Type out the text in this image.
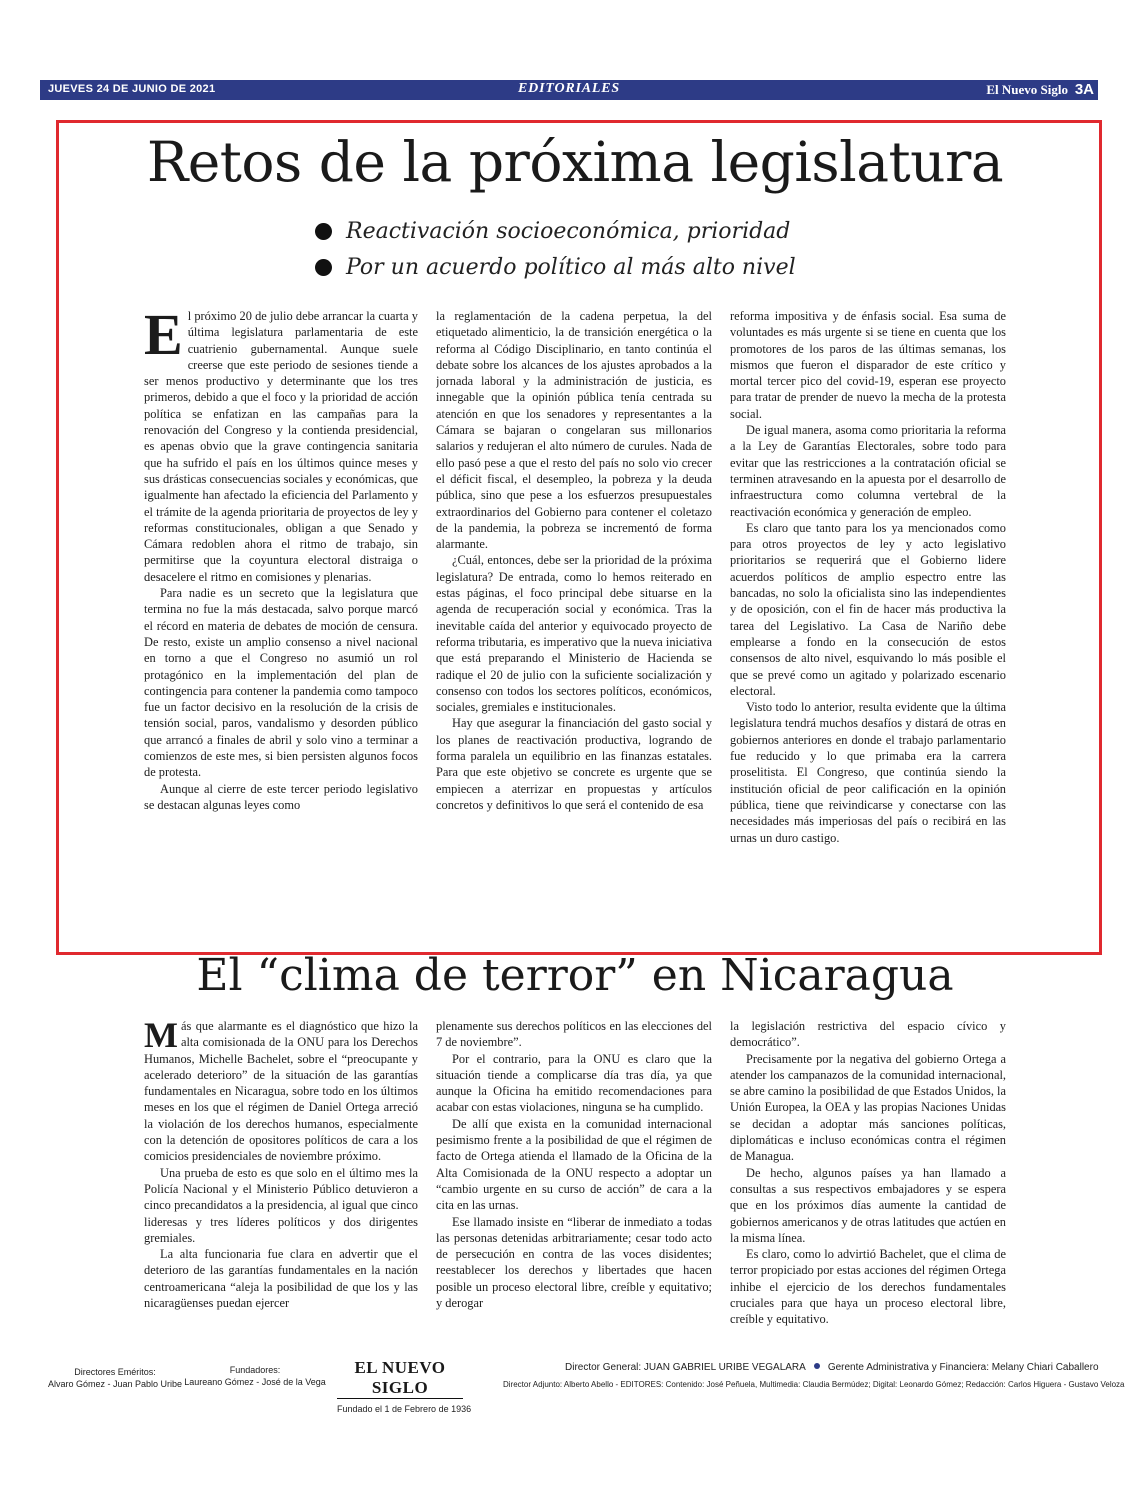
JUEVES 24 DE JUNIO DE 2021	EDITORIALES	El Nuevo Siglo 3A
Retos de la próxima legislatura
Reactivación socioeconómica, prioridad
Por un acuerdo político al más alto nivel

El próximo 20 de julio debe arrancar la cuarta y última legislatura parlamentaria de este cuatrienio gubernamental. Aunque suele creerse que este periodo de sesiones tiende a ser menos productivo y determinante que los tres primeros, debido a que el foco y la prioridad de acción política se enfatizan en las campañas para la renovación del Congreso y la contienda presidencial, es apenas obvio que la grave contingencia sanitaria que ha sufrido el país en los últimos quince meses y sus drásticas consecuencias sociales y económicas, que igualmente han afectado la eficiencia del Parlamento y el trámite de la agenda prioritaria de proyectos de ley y reformas constitucionales, obligan a que Senado y Cámara redoblen ahora el ritmo de trabajo, sin permitirse que la coyuntura electoral distraiga o desacelere el ritmo en comisiones y plenarias.

Para nadie es un secreto que la legislatura que termina no fue la más destacada, salvo porque marcó el récord en materia de debates de moción de censura. De resto, existe un amplio consenso a nivel nacional en torno a que el Congreso no asumió un rol protagónico en la implementación del plan de contingencia para contener la pandemia como tampoco fue un factor decisivo en la resolución de la crisis de tensión social, paros, vandalismo y desorden público que arrancó a finales de abril y solo vino a terminar a comienzos de este mes, si bien persisten algunos focos de protesta.

Aunque al cierre de este tercer periodo legislativo se destacan algunas leyes como

la reglamentación de la cadena perpetua, la del etiquetado alimenticio, la de transición energética o la reforma al Código Disciplinario, en tanto continúa el debate sobre los alcances de los ajustes aprobados a la jornada laboral y la administración de justicia, es innegable que la opinión pública tenía centrada su atención en que los senadores y representantes a la Cámara se bajaran o congelaran sus millonarios salarios y redujeran el alto número de curules. Nada de ello pasó pese a que el resto del país no solo vio crecer el déficit fiscal, el desempleo, la pobreza y la deuda pública, sino que pese a los esfuerzos presupuestales extraordinarios del Gobierno para contener el coletazo de la pandemia, la pobreza se incrementó de forma alarmante.

¿Cuál, entonces, debe ser la prioridad de la próxima legislatura? De entrada, como lo hemos reiterado en estas páginas, el foco principal debe situarse en la agenda de recuperación social y económica. Tras la inevitable caída del anterior y equivocado proyecto de reforma tributaria, es imperativo que la nueva iniciativa que está preparando el Ministerio de Hacienda se radique el 20 de julio con la suficiente socialización y consenso con todos los sectores políticos, económicos, sociales, gremiales e institucionales.

Hay que asegurar la financiación del gasto social y los planes de reactivación productiva, logrando de forma paralela un equilibrio en las finanzas estatales. Para que este objetivo se concrete es urgente que se empiecen a aterrizar en propuestas y artículos concretos y definitivos lo que será el contenido de esa

reforma impositiva y de énfasis social. Esa suma de voluntades es más urgente si se tiene en cuenta que los promotores de los paros de las últimas semanas, los mismos que fueron el disparador de este crítico y mortal tercer pico del covid-19, esperan ese proyecto para tratar de prender de nuevo la mecha de la protesta social.

De igual manera, asoma como prioritaria la reforma a la Ley de Garantías Electorales, sobre todo para evitar que las restricciones a la contratación oficial se terminen atravesando en la apuesta por el desarrollo de infraestructura como columna vertebral de la reactivación económica y generación de empleo.

Es claro que tanto para los ya mencionados como para otros proyectos de ley y acto legislativo prioritarios se requerirá que el Gobierno lidere acuerdos políticos de amplio espectro entre las bancadas, no solo la oficialista sino las independientes y de oposición, con el fin de hacer más productiva la tarea del Legislativo. La Casa de Nariño debe emplearse a fondo en la consecución de estos consensos de alto nivel, esquivando lo más posible el que se prevé como un agitado y polarizado escenario electoral.

Visto todo lo anterior, resulta evidente que la última legislatura tendrá muchos desafíos y distará de otras en gobiernos anteriores en donde el trabajo parlamentario fue reducido y lo que primaba era la carrera proselitista. El Congreso, que continúa siendo la institución oficial de peor calificación en la opinión pública, tiene que reivindicarse y conectarse con las necesidades más imperiosas del país o recibirá en las urnas un duro castigo.

El “clima de terror” en Nicaragua

Más que alarmante es el diagnóstico que hizo la alta comisionada de la ONU para los Derechos Humanos, Michelle Bachelet, sobre el “preocupante y acelerado deterioro” de la situación de las garantías fundamentales en Nicaragua, sobre todo en los últimos meses en los que el régimen de Daniel Ortega arreció la violación de los derechos humanos, especialmente con la detención de opositores políticos de cara a los comicios presidenciales de noviembre próximo.

Una prueba de esto es que solo en el último mes la Policía Nacional y el Ministerio Público detuvieron a cinco precandidatos a la presidencia, al igual que cinco lideresas y tres líderes políticos y dos dirigentes gremiales.

La alta funcionaria fue clara en advertir que el deterioro de las garantías fundamentales en la nación centroamericana “aleja la posibilidad de que los y las nicaragüenses puedan ejercer

plenamente sus derechos políticos en las elecciones del 7 de noviembre”.

Por el contrario, para la ONU es claro que la situación tiende a complicarse día tras día, ya que aunque la Oficina ha emitido recomendaciones para acabar con estas violaciones, ninguna se ha cumplido.

De allí que exista en la comunidad internacional pesimismo frente a la posibilidad de que el régimen de facto de Ortega atienda el llamado de la Oficina de la Alta Comisionada de la ONU respecto a adoptar un “cambio urgente en su curso de acción” de cara a la cita en las urnas.

Ese llamado insiste en “liberar de inmediato a todas las personas detenidas arbitrariamente; cesar todo acto de persecución en contra de las voces disidentes; reestablecer los derechos y libertades que hacen posible un proceso electoral libre, creíble y equitativo; y derogar

la legislación restrictiva del espacio cívico y democrático”.

Precisamente por la negativa del gobierno Ortega a atender los campanazos de la comunidad internacional, se abre camino la posibilidad de que Estados Unidos, la Unión Europea, la OEA y las propias Naciones Unidas se decidan a adoptar más sanciones políticas, diplomáticas e incluso económicas contra el régimen de Managua.

De hecho, algunos países ya han llamado a consultas a sus respectivos embajadores y se espera que en los próximos días aumente la cantidad de gobiernos americanos y de otras latitudes que actúen en la misma línea.

Es claro, como lo advirtió Bachelet, que el clima de terror propiciado por estas acciones del régimen Ortega inhibe el ejercicio de los derechos fundamentales cruciales para que haya un proceso electoral libre, creíble y equitativo.

Directores Eméritos:
Alvaro Gómez - Juan Pablo Uribe
Fundadores:
Laureano Gómez - José de la Vega
EL NUEVO SIGLO
Fundado el 1 de Febrero de 1936
Director General: JUAN GABRIEL URIBE VEGALARA Gerente Administrativa y Financiera: Melany Chiari Caballero
Director Adjunto: Alberto Abello - EDITORES: Contenido: José Peñuela, Multimedia: Claudia Bermúdez; Digital: Leonardo Gómez; Redacción: Carlos Higuera - Gustavo Veloza
